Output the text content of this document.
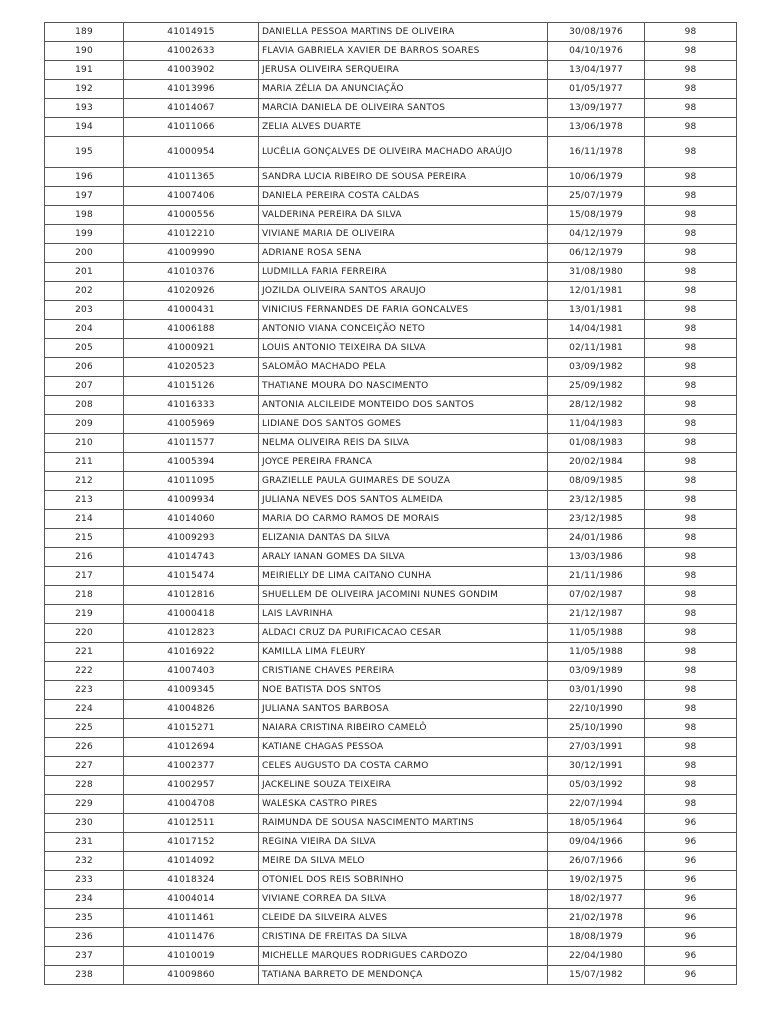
189	41014915	DANIELLA PESSOA MARTINS DE OLIVEIRA	30/08/1976	98
190	41002633	FLAVIA GABRIELA XAVIER DE BARROS SOARES	04/10/1976	98
191	41003902	JERUSA OLIVEIRA SERQUEIRA	13/04/1977	98
192	41013996	MARIA ZÉLIA DA ANUNCIAÇÃO	01/05/1977	98
193	41014067	MARCIA DANIELA DE OLIVEIRA SANTOS	13/09/1977	98
194	41011066	ZELIA ALVES DUARTE	13/06/1978	98
195	41000954	LUCÉLIA GONÇALVES DE OLIVEIRA MACHADO ARAÚJO	16/11/1978	98
196	41011365	SANDRA LUCIA RIBEIRO DE SOUSA PEREIRA	10/06/1979	98
197	41007406	DANIELA PEREIRA COSTA CALDAS	25/07/1979	98
198	41000556	VALDERINA PEREIRA DA SILVA	15/08/1979	98
199	41012210	VIVIANE MARIA DE OLIVEIRA	04/12/1979	98
200	41009990	ADRIANE ROSA SENA	06/12/1979	98
201	41010376	LUDMILLA FARIA FERREIRA	31/08/1980	98
202	41020926	JOZILDA OLIVEIRA SANTOS ARAUJO	12/01/1981	98
203	41000431	VINICIUS FERNANDES DE FARIA GONCALVES	13/01/1981	98
204	41006188	ANTONIO VIANA CONCEIÇÃO NETO	14/04/1981	98
205	41000921	LOUIS ANTONIO TEIXEIRA DA SILVA	02/11/1981	98
206	41020523	SALOMÃO MACHADO PELA	03/09/1982	98
207	41015126	THATIANE MOURA DO NASCIMENTO	25/09/1982	98
208	41016333	ANTONIA ALCILEIDE MONTEIDO DOS SANTOS	28/12/1982	98
209	41005969	LIDIANE DOS SANTOS GOMES	11/04/1983	98
210	41011577	NELMA OLIVEIRA REIS DA SILVA	01/08/1983	98
211	41005394	JOYCE PEREIRA FRANCA	20/02/1984	98
212	41011095	GRAZIELLE PAULA GUIMARES DE SOUZA	08/09/1985	98
213	41009934	JULIANA NEVES DOS SANTOS ALMEIDA	23/12/1985	98
214	41014060	MARIA DO CARMO RAMOS DE MORAIS	23/12/1985	98
215	41009293	ELIZANIA DANTAS DA SILVA	24/01/1986	98
216	41014743	ARALY IANAN GOMES DA SILVA	13/03/1986	98
217	41015474	MEIRIELLY DE LIMA CAITANO CUNHA	21/11/1986	98
218	41012816	SHUELLEM DE OLIVEIRA JACOMINI NUNES GONDIM	07/02/1987	98
219	41000418	LAIS LAVRINHA	21/12/1987	98
220	41012823	ALDACI CRUZ DA PURIFICACAO CESAR	11/05/1988	98
221	41016922	KAMILLA LIMA FLEURY	11/05/1988	98
222	41007403	CRISTIANE CHAVES PEREIRA	03/09/1989	98
223	41009345	NOE BATISTA DOS SNTOS	03/01/1990	98
224	41004826	JULIANA SANTOS BARBOSA	22/10/1990	98
225	41015271	NAIARA CRISTINA RIBEIRO CAMELÔ	25/10/1990	98
226	41012694	KATIANE CHAGAS PESSOA	27/03/1991	98
227	41002377	CELES AUGUSTO DA COSTA CARMO	30/12/1991	98
228	41002957	JACKELINE SOUZA TEIXEIRA	05/03/1992	98
229	41004708	WALESKA CASTRO PIRES	22/07/1994	98
230	41012511	RAIMUNDA DE SOUSA NASCIMENTO MARTINS	18/05/1964	96
231	41017152	REGINA VIEIRA DA SILVA	09/04/1966	96
232	41014092	MEIRE DA SILVA MELO	26/07/1966	96
233	41018324	OTONIEL DOS REIS SOBRINHO	19/02/1975	96
234	41004014	VIVIANE CORREA DA SILVA	18/02/1977	96
235	41011461	CLEIDE DA SILVEIRA ALVES	21/02/1978	96
236	41011476	CRISTINA DE FREITAS DA SILVA	18/08/1979	96
237	41010019	MICHELLE MARQUES RODRIGUES CARDOZO	22/04/1980	96
238	41009860	TATIANA BARRETO DE MENDONÇA	15/07/1982	96
